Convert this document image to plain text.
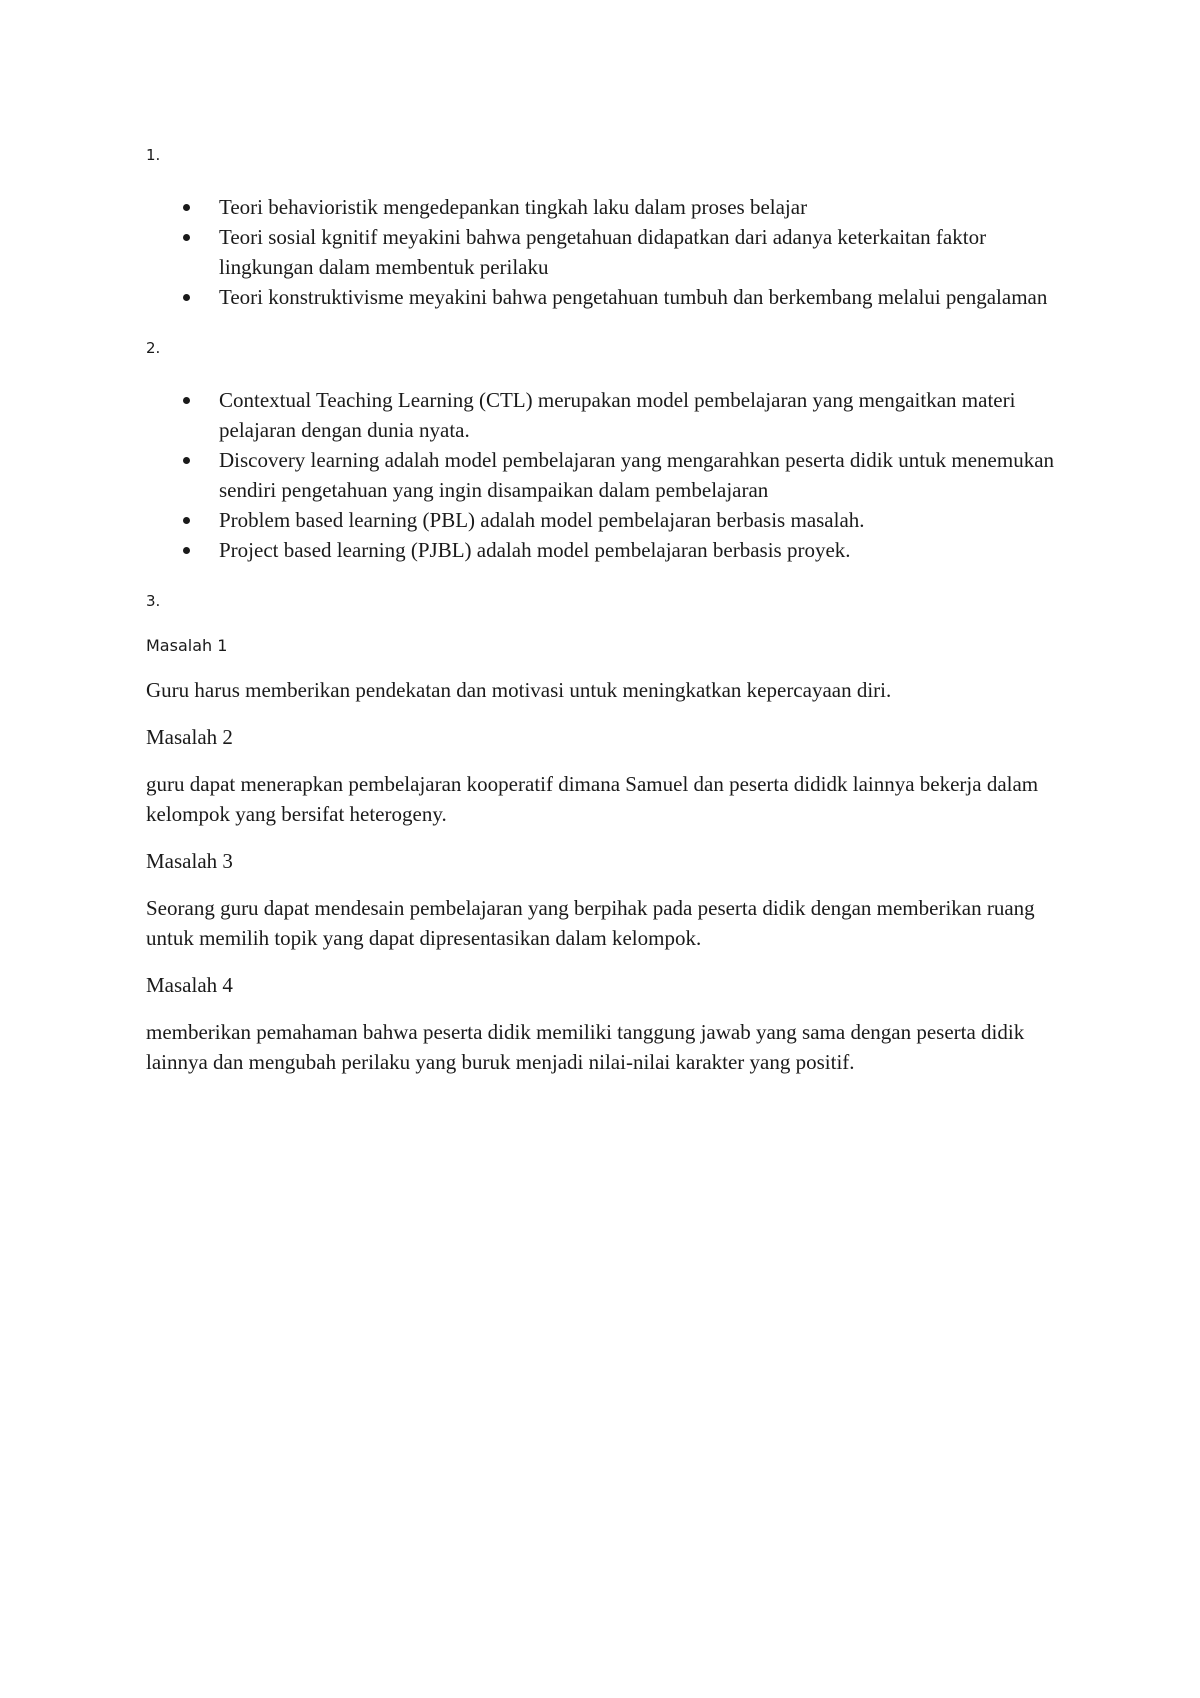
1.

Teori behavioristik mengedepankan tingkah laku dalam proses belajar
Teori sosial kgnitif meyakini bahwa pengetahuan didapatkan dari adanya keterkaitan faktor lingkungan dalam membentuk perilaku
Teori konstruktivisme meyakini bahwa pengetahuan tumbuh dan berkembang melalui pengalaman

2.

Contextual Teaching Learning (CTL) merupakan model pembelajaran yang mengaitkan materi pelajaran dengan dunia nyata.
Discovery learning adalah model pembelajaran yang mengarahkan peserta didik untuk menemukan sendiri pengetahuan yang ingin disampaikan dalam pembelajaran
Problem based learning (PBL) adalah model pembelajaran berbasis masalah.
Project based learning (PJBL) adalah model pembelajaran berbasis proyek.

3.

Masalah 1

Guru harus memberikan pendekatan dan motivasi untuk meningkatkan kepercayaan diri.

Masalah 2

guru dapat menerapkan pembelajaran kooperatif dimana Samuel dan peserta dididk lainnya bekerja dalam kelompok yang bersifat heterogeny.

Masalah 3

Seorang guru dapat mendesain pembelajaran yang berpihak pada peserta didik dengan memberikan ruang untuk memilih topik yang dapat dipresentasikan dalam kelompok.

Masalah 4

memberikan pemahaman bahwa peserta didik memiliki tanggung jawab yang sama dengan peserta didik lainnya dan mengubah perilaku yang buruk menjadi nilai-nilai karakter yang positif.
